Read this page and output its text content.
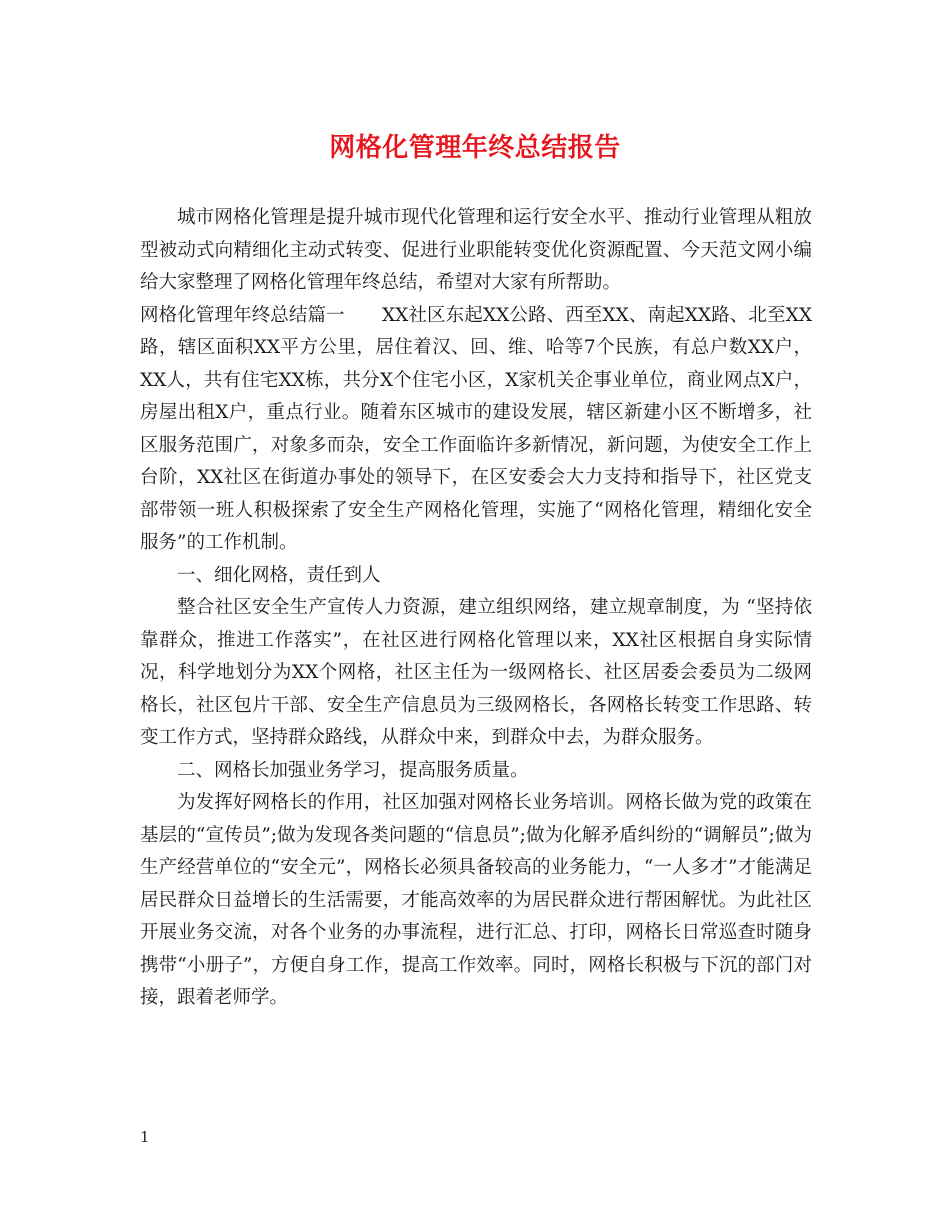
网格化管理年终总结报告

城市网格化管理是提升城市现代化管理和运行安全水平、推动行业管理从粗放型被动式向精细化主动式转变、促进行业职能转变优化资源配置、今天范文网小编给大家整理了网格化管理年终总结，希望对大家有所帮助。

网格化管理年终总结篇一　　XX社区东起XX公路、西至XX、南起XX路、北至XX路，辖区面积XX平方公里，居住着汉、回、维、哈等7个民族，有总户数XX户，XX人，共有住宅XX栋，共分X个住宅小区，X家机关企事业单位，商业网点X户，房屋出租X户，重点行业。随着东区城市的建设发展，辖区新建小区不断增多，社区服务范围广，对象多而杂，安全工作面临许多新情况，新问题，为使安全工作上台阶，XX社区在街道办事处的领导下，在区安委会大力支持和指导下，社区党支部带领一班人积极探索了安全生产网格化管理，实施了“网格化管理，精细化安全服务”的工作机制。

一、细化网格，责任到人

整合社区安全生产宣传人力资源，建立组织网络，建立规章制度，为 “坚持依靠群众，推进工作落实”，在社区进行网格化管理以来，XX社区根据自身实际情况，科学地划分为XX个网格，社区主任为一级网格长、社区居委会委员为二级网格长，社区包片干部、安全生产信息员为三级网格长，各网格长转变工作思路、转变工作方式，坚持群众路线，从群众中来，到群众中去，为群众服务。

二、网格长加强业务学习，提高服务质量。

为发挥好网格长的作用，社区加强对网格长业务培训。网格长做为党的政策在基层的“宣传员”;做为发现各类问题的“信息员”;做为化解矛盾纠纷的“调解员”;做为生产经营单位的“安全元”，网格长必须具备较高的业务能力，“一人多才”才能满足居民群众日益增长的生活需要，才能高效率的为居民群众进行帮困解忧。为此社区开展业务交流，对各个业务的办事流程，进行汇总、打印，网格长日常巡查时随身携带“小册子”，方便自身工作，提高工作效率。同时，网格长积极与下沉的部门对接，跟着老师学。

1
